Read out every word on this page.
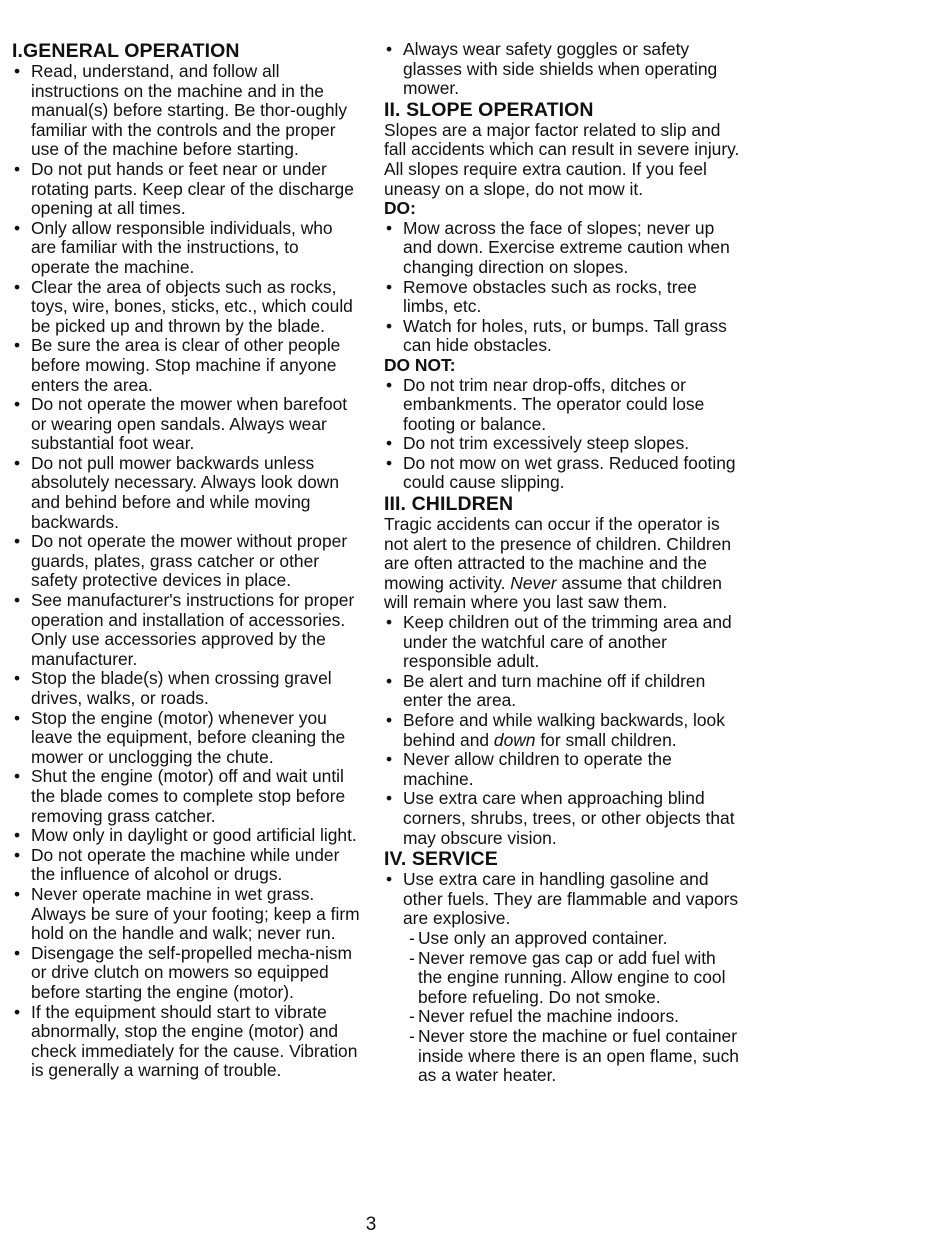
I.GENERAL OPERATION
• Read, understand, and follow all instructions on the machine and in the manual(s) before starting. Be thor-oughly familiar with the controls and the proper use of the machine before starting.
• Do not put hands or feet near or under rotating parts. Keep clear of the discharge opening at all times.
• Only allow responsible individuals, who are familiar with the instructions, to operate the machine.
• Clear the area of objects such as rocks, toys, wire, bones, sticks, etc., which could be picked up and thrown by the blade.
• Be sure the area is clear of other people before mowing. Stop machine if anyone enters the area.
• Do not operate the mower when barefoot or wearing open sandals. Always wear substantial foot wear.
• Do not pull mower backwards unless absolutely necessary. Always look down and behind before and while moving backwards.
• Do not operate the mower without proper guards, plates, grass catcher or other safety protective devices in place.
• See manufacturer's instructions for proper operation and installation of accessories. Only use accessories approved by the manufacturer.
• Stop the blade(s) when crossing gravel drives, walks, or roads.
• Stop the engine (motor) whenever you leave the equipment, before cleaning the mower or unclogging the chute.
• Shut the engine (motor) off and wait until the blade comes to complete stop before removing grass catcher.
• Mow only in daylight or good artificial light.
• Do not operate the machine while under the influence of alcohol or drugs.
• Never operate machine in wet grass. Always be sure of your footing; keep a firm hold on the handle and walk; never run.
• Disengage the self-propelled mecha-nism or drive clutch on mowers so equipped before starting the engine (motor).
• If the equipment should start to vibrate abnormally, stop the engine (motor) and check immediately for the cause. Vibration is generally a warning of trouble.
• Always wear safety goggles or safety glasses with side shields when operating mower.
II. SLOPE OPERATION

Slopes are a major factor related to slip and fall accidents which can result in severe injury. All slopes require extra caution. If you feel uneasy on a slope, do not mow it.

DO:
• Mow across the face of slopes; never up and down. Exercise extreme caution when changing direction on slopes.
• Remove obstacles such as rocks, tree limbs, etc.
• Watch for holes, ruts, or bumps. Tall grass can hide obstacles.
DO NOT:
• Do not trim near drop-offs, ditches or embankments. The operator could lose footing or balance.
• Do not trim excessively steep slopes.
• Do not mow on wet grass. Reduced footing could cause slipping.
III. CHILDREN

Tragic accidents can occur if the operator is not alert to the presence of children. Children are often attracted to the machine and the mowing activity. Never assume that children will remain where you last saw them.

• Keep children out of the trimming area and under the watchful care of another responsible adult.
• Be alert and turn machine off if children enter the area.
• Before and while walking backwards, look behind and down for small children.
• Never allow children to operate the machine.
• Use extra care when approaching blind corners, shrubs, trees, or other objects that may obscure vision.
IV. SERVICE
• Use extra care in handling gasoline and other fuels. They are flammable and vapors are explosive.
- Use only an approved container.
- Never remove gas cap or add fuel with the engine running. Allow engine to cool before refueling. Do not smoke.
- Never refuel the machine indoors.
- Never store the machine or fuel container inside where there is an open flame, such as a water heater.
3
